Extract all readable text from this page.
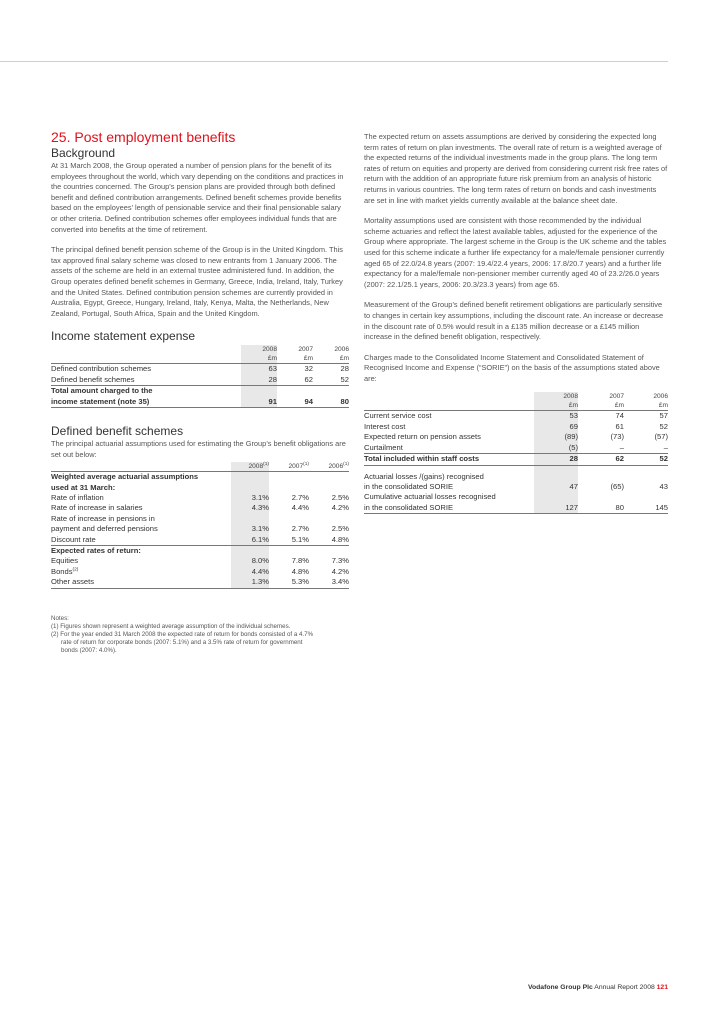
25. Post employment benefits
Background

At 31 March 2008, the Group operated a number of pension plans for the benefit of its employees throughout the world, which vary depending on the conditions and practices in the countries concerned. The Group’s pension plans are provided through both defined benefit and defined contribution arrangements. Defined benefit schemes provide benefits based on the employees’ length of pensionable service and their final pensionable salary or other criteria. Defined contribution schemes offer employees individual funds that are converted into benefits at the time of retirement.

The principal defined benefit pension scheme of the Group is in the United Kingdom. This tax approved final salary scheme was closed to new entrants from 1 January 2006. The assets of the scheme are held in an external trustee administered fund. In addition, the Group operates defined benefit schemes in Germany, Greece, India, Ireland, Italy, Turkey and the United States. Defined contribution pension schemes are currently provided in Australia, Egypt, Greece, Hungary, Ireland, Italy, Kenya, Malta, the Netherlands, New Zealand, Portugal, South Africa, Spain and the United Kingdom.

Income statement expense
	2008	2007	2006
	£m	£m	£m
Defined contribution schemes	63	32	28
Defined benefit schemes	28	62	52
Total amount charged to the			
income statement (note 35)	91	94	80
Defined benefit schemes

The principal actuarial assumptions used for estimating the Group’s benefit obligations are set out below:

	2008$^{(1)}$	2007$^{(1)}$	2006$^{(1)}$
Weighted average actuarial assumptions			
used at 31 March:			
Rate of inflation	3.1%	2.7%	2.5%
Rate of increase in salaries	4.3%	4.4%	4.2%
Rate of increase in pensions in			
payment and deferred pensions	3.1%	2.7%	2.5%
Discount rate	6.1%	5.1%	4.8%
Expected rates of return:			
Equities	8.0%	7.8%	7.3%
Bonds$^{(2)}$	4.4%	4.8%	4.2%
Other assets	1.3%	5.3%	3.4%
Notes:
(1) Figures shown represent a weighted average assumption of the individual schemes.
(2) For the year ended 31 March 2008 the expected rate of return for bonds consisted of a 4.7%
rate of return for corporate bonds (2007: 5.1%) and a 3.5% rate of return for government
bonds (2007: 4.0%).

The expected return on assets assumptions are derived by considering the expected long term rates of return on plan investments. The overall rate of return is a weighted average of the expected returns of the individual investments made in the group plans. The long term rates of return on equities and property are derived from considering current risk free rates of return with the addition of an appropriate future risk premium from an analysis of historic returns in various countries. The long term rates of return on bonds and cash investments are set in line with market yields currently available at the balance sheet date.

Mortality assumptions used are consistent with those recommended by the individual scheme actuaries and reflect the latest available tables, adjusted for the experience of the Group where appropriate. The largest scheme in the Group is the UK scheme and the tables used for this scheme indicate a further life expectancy for a male/female pensioner currently aged 65 of 22.0/24.8 years (2007: 19.4/22.4 years, 2006: 17.8/20.7 years) and a further life expectancy for a male/female non-pensioner member currently aged 40 of 23.2/26.0 years (2007: 22.1/25.1 years, 2006: 20.3/23.3 years) from age 65.

Measurement of the Group’s defined benefit retirement obligations are particularly sensitive to changes in certain key assumptions, including the discount rate. An increase or decrease in the discount rate of 0.5% would result in a £135 million decrease or a £145 million increase in the defined benefit obligation, respectively.

Charges made to the Consolidated Income Statement and Consolidated Statement of Recognised Income and Expense (“SORIE”) on the basis of the assumptions stated above are:

	2008	2007	2006
	£m	£m	£m
Current service cost	53	74	57
Interest cost	69	61	52
Expected return on pension assets	(89)	(73)	(57)
Curtailment	(5)	–	–
Total included within staff costs	28	62	52

Actuarial losses /(gains) recognised			
in the consolidated SORIE	47	(65)	43
Cumulative actuarial losses recognised			
in the consolidated SORIE	127	80	145
Vodafone Group Plc Annual Report 2008 121
